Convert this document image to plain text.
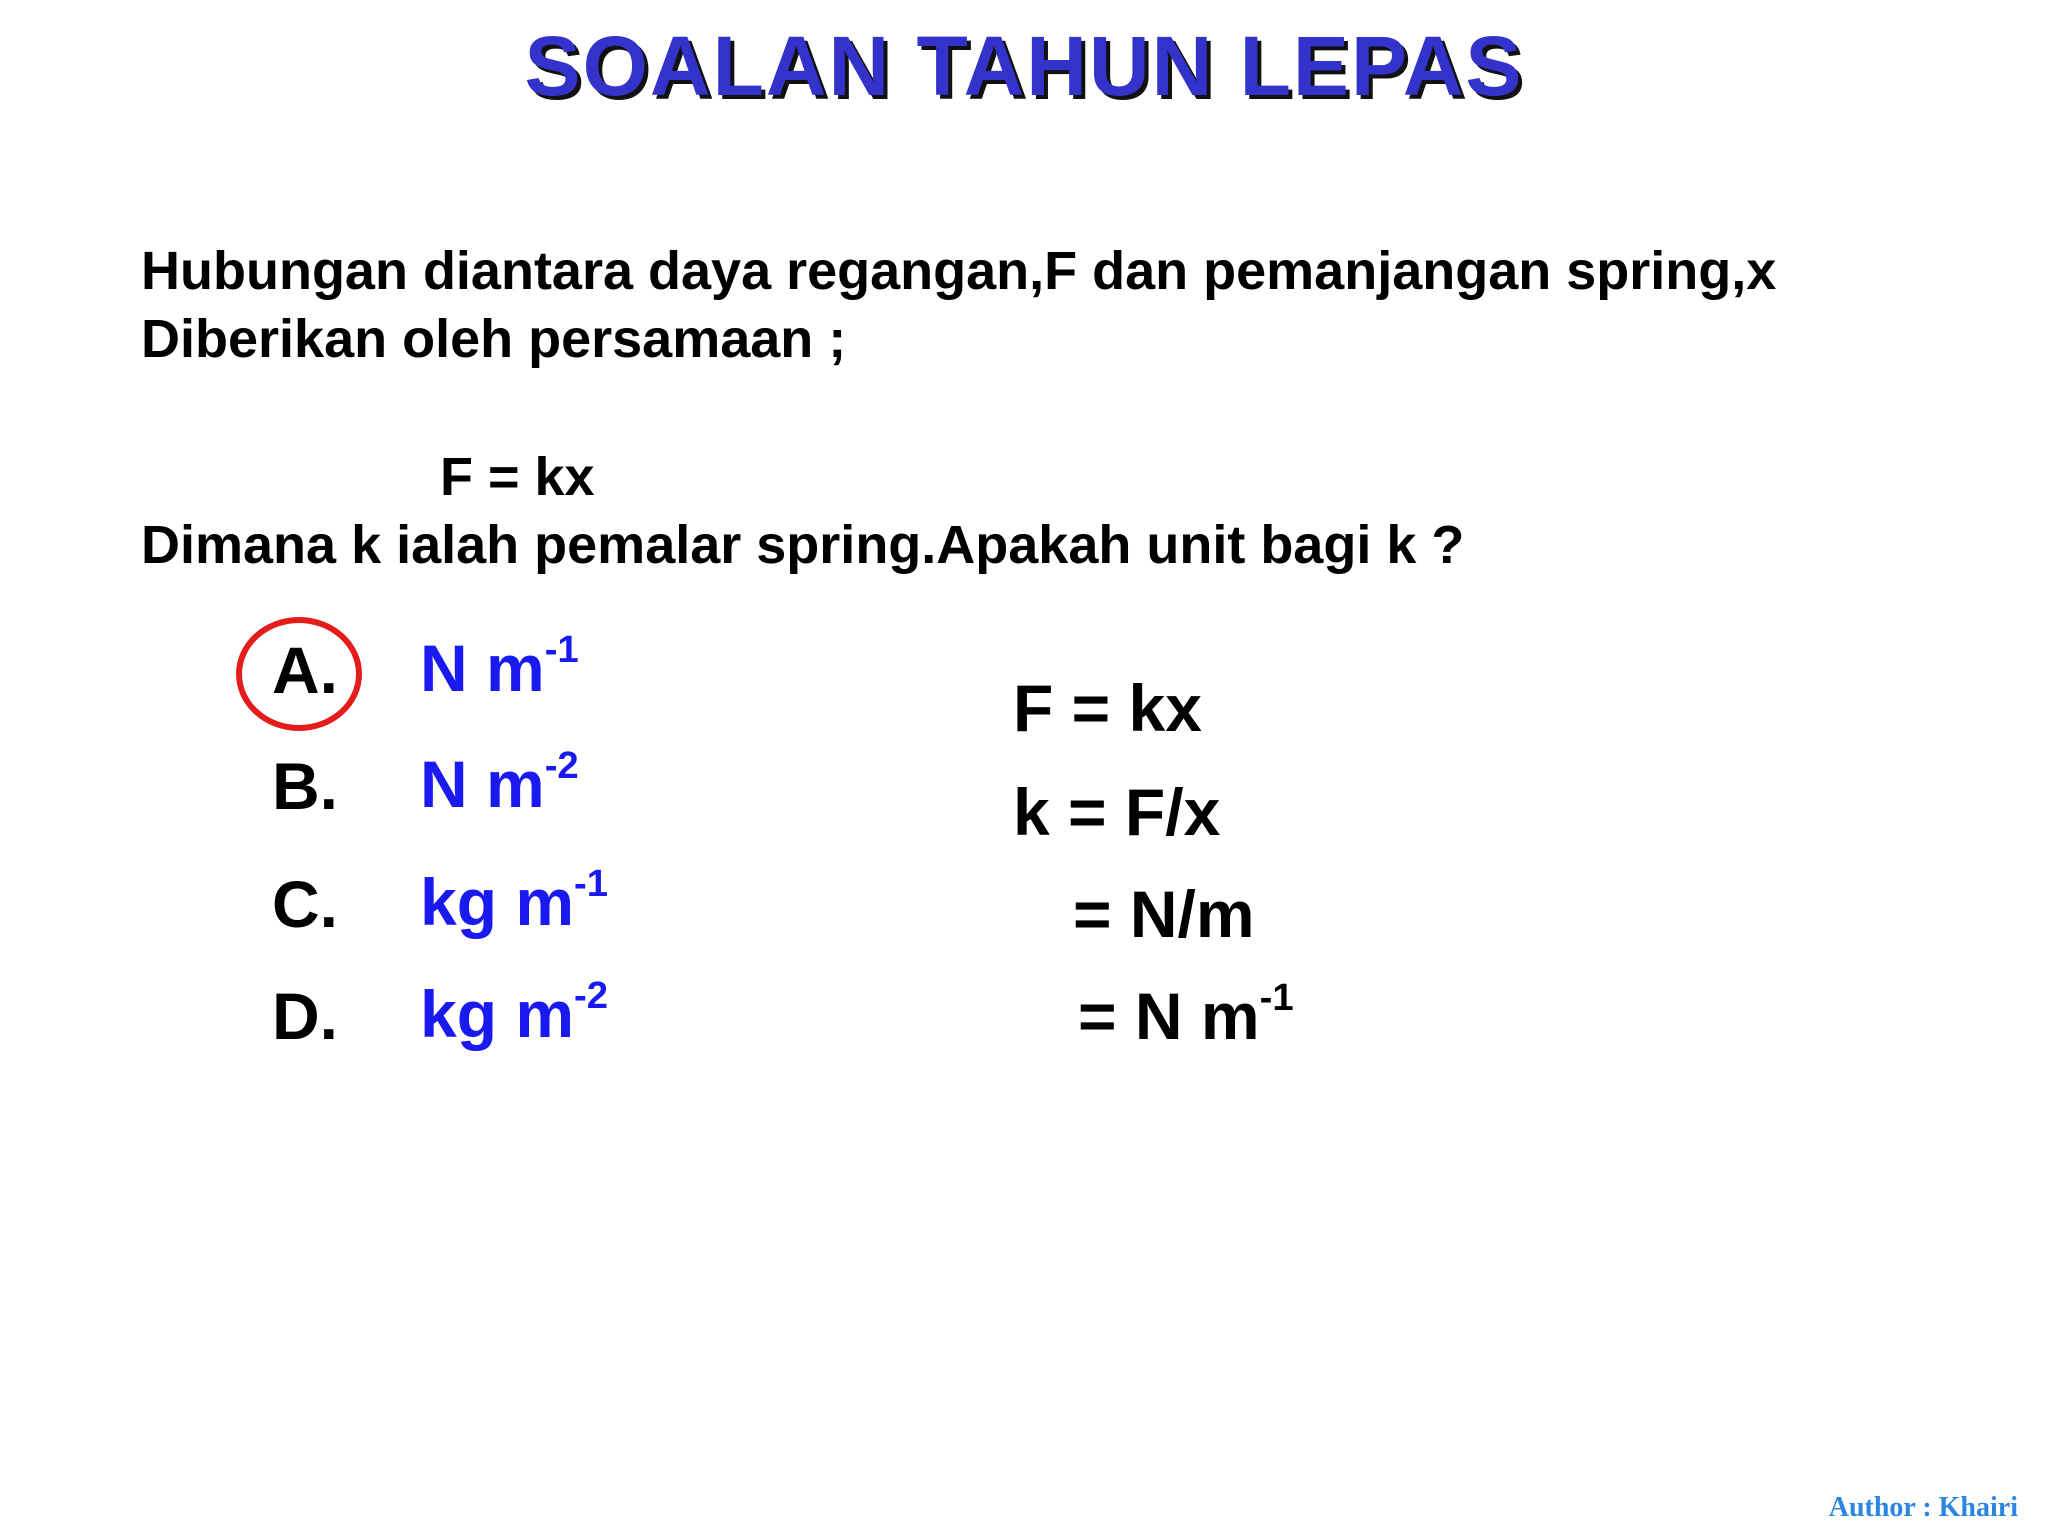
SOALAN TAHUN LEPAS
Hubungan diantara daya regangan,F dan pemanjangan spring,x
Diberikan oleh persamaan ;
F = kx
Dimana k ialah pemalar spring.Apakah unit bagi k ?
A. N $m^{-1}$
B. N $m^{-2}$
C. kg $m^{-1}$
D. kg $m^{-2}$
F = kx
k = F/x
= N/m
= N $m^{-1}$
Author : Khairi
